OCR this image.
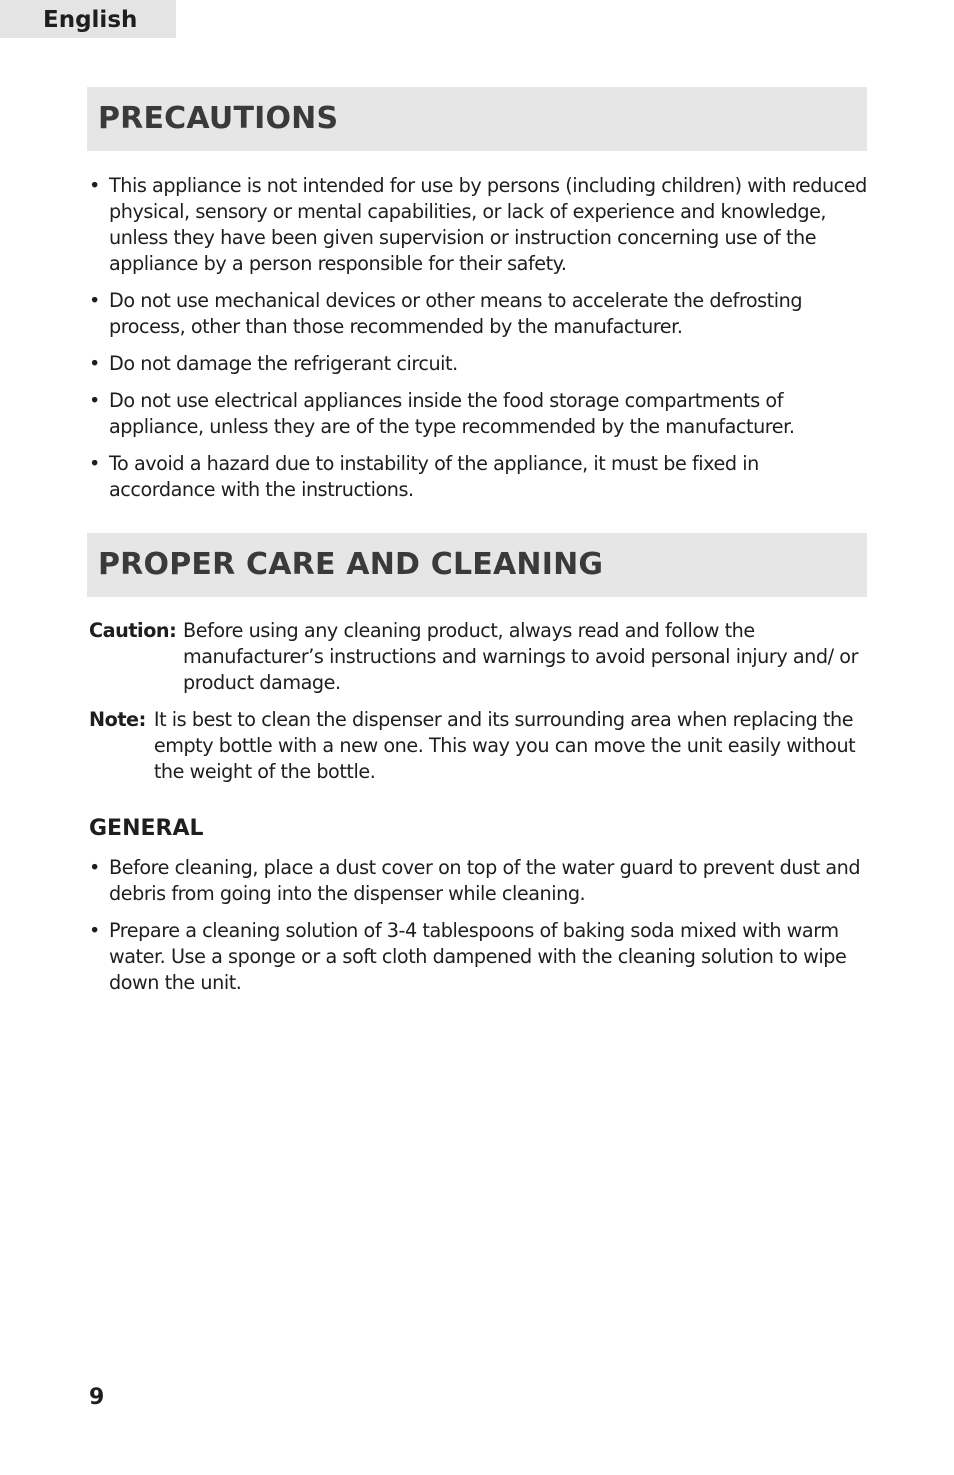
English
PRECAUTIONS
• This appliance is not intended for use by persons (including children) with reduced physical, sensory or mental capabilities, or lack of experience and knowledge, unless they have been given supervision or instruction concerning use of the appliance by a person responsible for their safety.
• Do not use mechanical devices or other means to accelerate the defrosting process, other than those recommended by the manufacturer.
• Do not damage the refrigerant circuit.
• Do not use electrical appliances inside the food storage compartments of appliance, unless they are of the type recommended by the manufacturer.
• To avoid a hazard due to instability of the appliance, it must be fixed in accordance with the instructions.
PROPER CARE AND CLEANING
Caution: Before using any cleaning product, always read and follow the manufacturer’s instructions and warnings to avoid personal injury and/ or product damage.
Note: It is best to clean the dispenser and its surrounding area when replacing the empty bottle with a new one. This way you can move the unit easily without the weight of the bottle.
GENERAL
• Before cleaning, place a dust cover on top of the water guard to prevent dust and debris from going into the dispenser while cleaning.
• Prepare a cleaning solution of 3-4 tablespoons of baking soda mixed with warm water. Use a sponge or a soft cloth dampened with the cleaning solution to wipe down the unit.
9
